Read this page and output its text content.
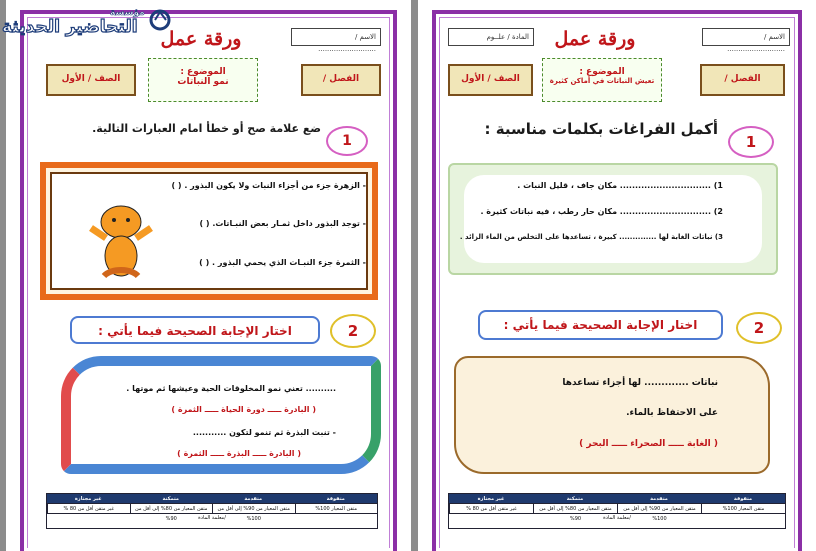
ورقة عمل	الاسم / ..........................
الفصل /
الموضوع :
نمو النباتات
الصف / الأول
1
ضع علامة صح أو خطأ امام العبارات التالية.
- الزهرة جزء من أجزاء النبات ولا يكون البذور . ( )
- توجد البذور داخل ثمـار بعض النبـاتات. ( )
- الثمرة جزء النبـات الذي يحمي البذور . ( )
2
اختار الإجابة الصحيحة فيما يأتي :
.......... تعني نمو المخلوقات الحية وعيشها ثم موتها .
( البادرة ـــــ دورة الحياة ـــــ الثمرة )
- تنبت البذرة ثم تنمو لتكون ...........
( البادرة ـــــ البذرة ـــــ الثمرة )
متفوقة
متقدمة
متمكنة
غير مجتازة
متقن المعيار 100%
متقن المعيار من 90% إلى أقل من 100%
متقن المعيار من 80% إلى أقل من 90%
غير متقن أقل من 80 %
معلمة المادة/
ورقة عمل	الاسم / ..........................
المادة / علــوم
الفصل /
الموضوع :
تعيش النباتات في أماكن كثيرة
الصف / الأول
1
أكمل الفراغات بكلمات مناسبة :
1) .............................. مكان جاف ، قليل النبات .
2) .............................. مكان حار رطب ، فيه نباتات كثيرة .
3) نباتات الغابة لها .............. كبيرة ، تساعدها على التخلص من الماء الزائد .
2
اختار الإجابة الصحيحة فيما يأتي :
نباتات ............. لها أجزاء تساعدها
على الاحتفاظ بالماء.
( الغابة ـــــ الصحراء ـــــ البحر )
متفوقة
متقدمة
متمكنة
غير مجتازة
متقن المعيار 100%
متقن المعيار من 90% إلى أقل من 100%
متقن المعيار من 80% إلى أقل من 90%
غير متقن أقل من 80 %
معلمة المادة/
مؤسسة
التحاضير الحديثة
